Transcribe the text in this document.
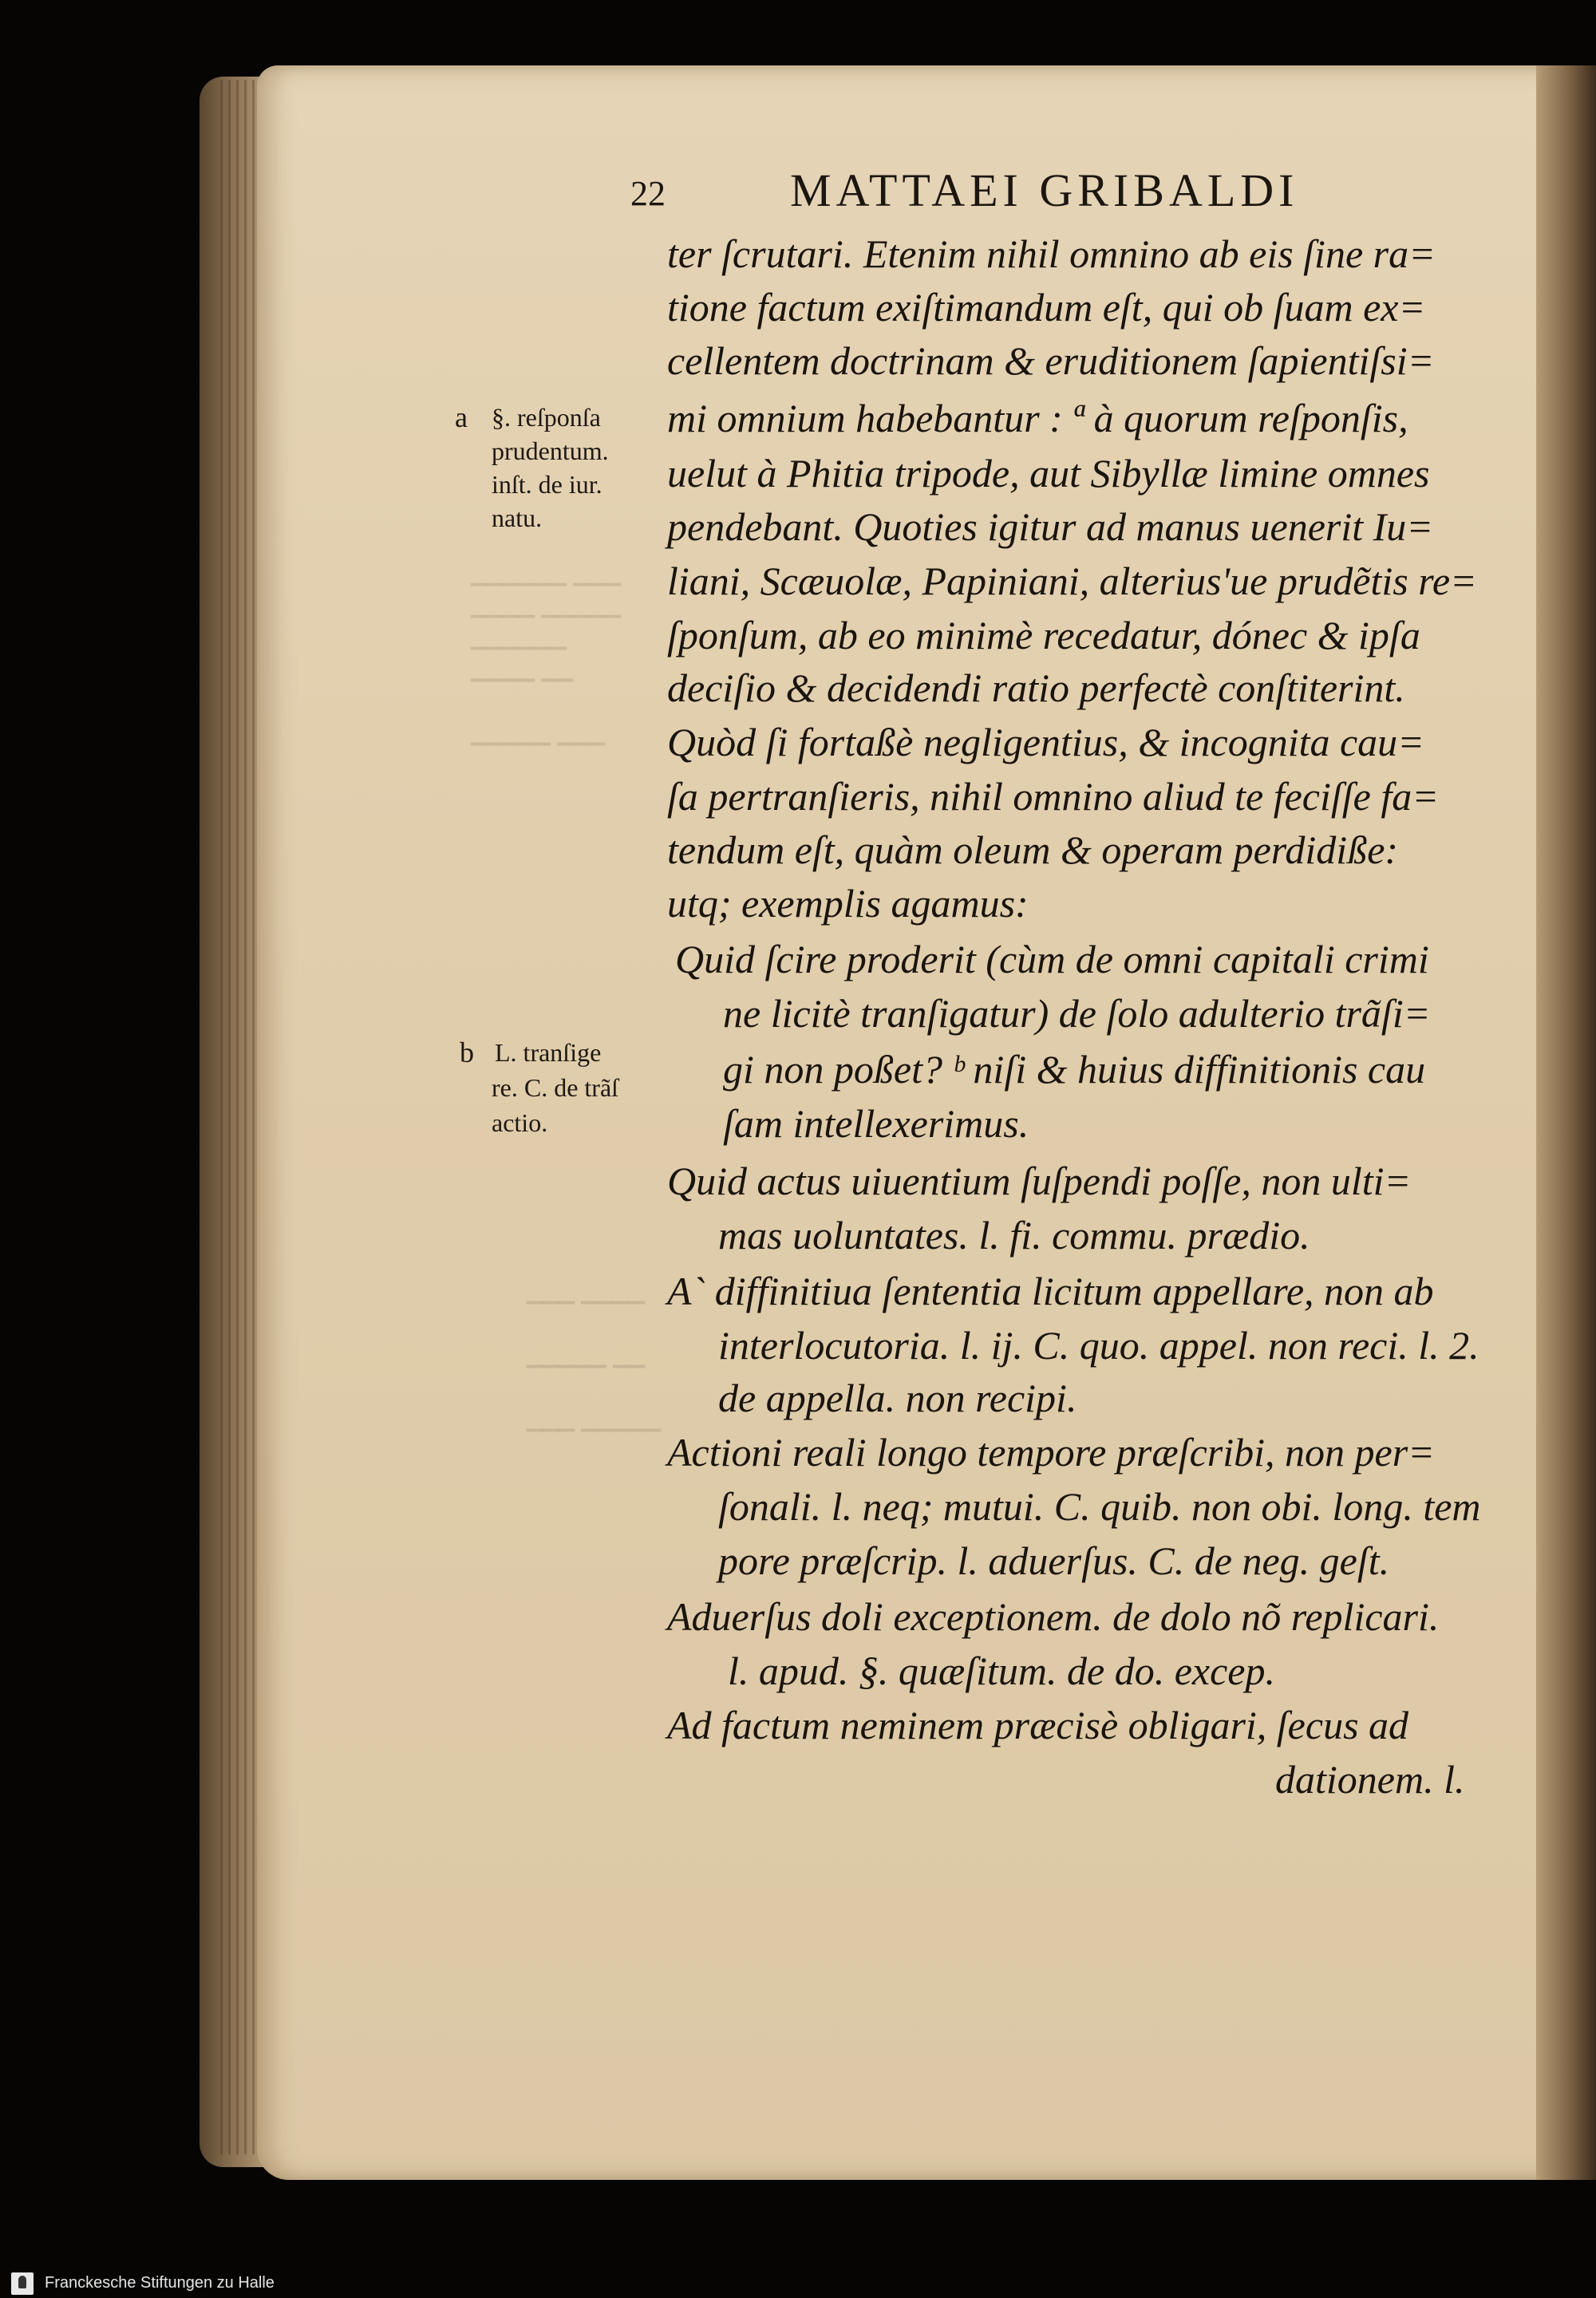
▁▁▁▁▁▁ ▁▁▁
▁▁▁▁ ▁▁▁▁▁
▁▁▁▁▁▁
▁▁▁▁ ▁▁

▁▁▁▁▁ ▁▁▁
▁▁▁ ▁▁▁▁

▁▁▁▁▁ ▁▁

▁▁▁ ▁▁▁▁▁
22	MATTAEI GRIBALDI
ter ſcrutari. Etenim nihil omnino ab eis ſine ra=
tione factum exiſtimandum eſt, qui ob ſuam ex=
cellentem doctrinam & eruditionem ſapientiſsi=
mi omnium habebantur : ª à quorum reſponſis,
uelut à Phitia tripode, aut Sibyllæ limine omnes
pendebant. Quoties igitur ad manus uenerit Iu=
liani, Scæuolæ, Papiniani, alterius'ue prudẽtis re=
ſponſum, ab eo minimè recedatur, dónec & ipſa
deciſio & decidendi ratio perfectè conſtiterint.
Quòd ſi fortaßè negligentius, & incognita cau=
ſa pertranſieris, nihil omnino aliud te feciſſe fa=
tendum eſt, quàm oleum & operam perdidiße:
utq; exemplis agamus:
Quid ſcire proderit (cùm de omni capitali crimi
ne licitè tranſigatur) de ſolo adulterio trãſi=
gi non poßet? ᵇ niſi & huius diffinitionis cau
ſam intellexerimus.
Quid actus uiuentium ſuſpendi poſſe, non ulti=
mas uoluntates. l. fi. commu. prædio.
A` diffinitiua ſententia licitum appellare, non ab
interlocutoria. l. ij. C. quo. appel. non reci. l. 2.
de appella. non recipi.
Actioni reali longo tempore præſcribi, non per=
ſonali. l. neq; mutui. C. quib. non obi. long. tem
pore præſcrip. l. aduerſus. C. de neg. geſt.
Aduerſus doli exceptionem. de dolo nõ replicari.
l. apud. §. quæſitum. de do. excep.
Ad factum neminem præcisè obligari, ſecus ad
dationem. l.
a §. reſponſa
prudentum.
inſt. de iur.
natu.
b L. tranſige
re. C. de trãſ
actio.
Franckesche Stiftungen zu Halle
